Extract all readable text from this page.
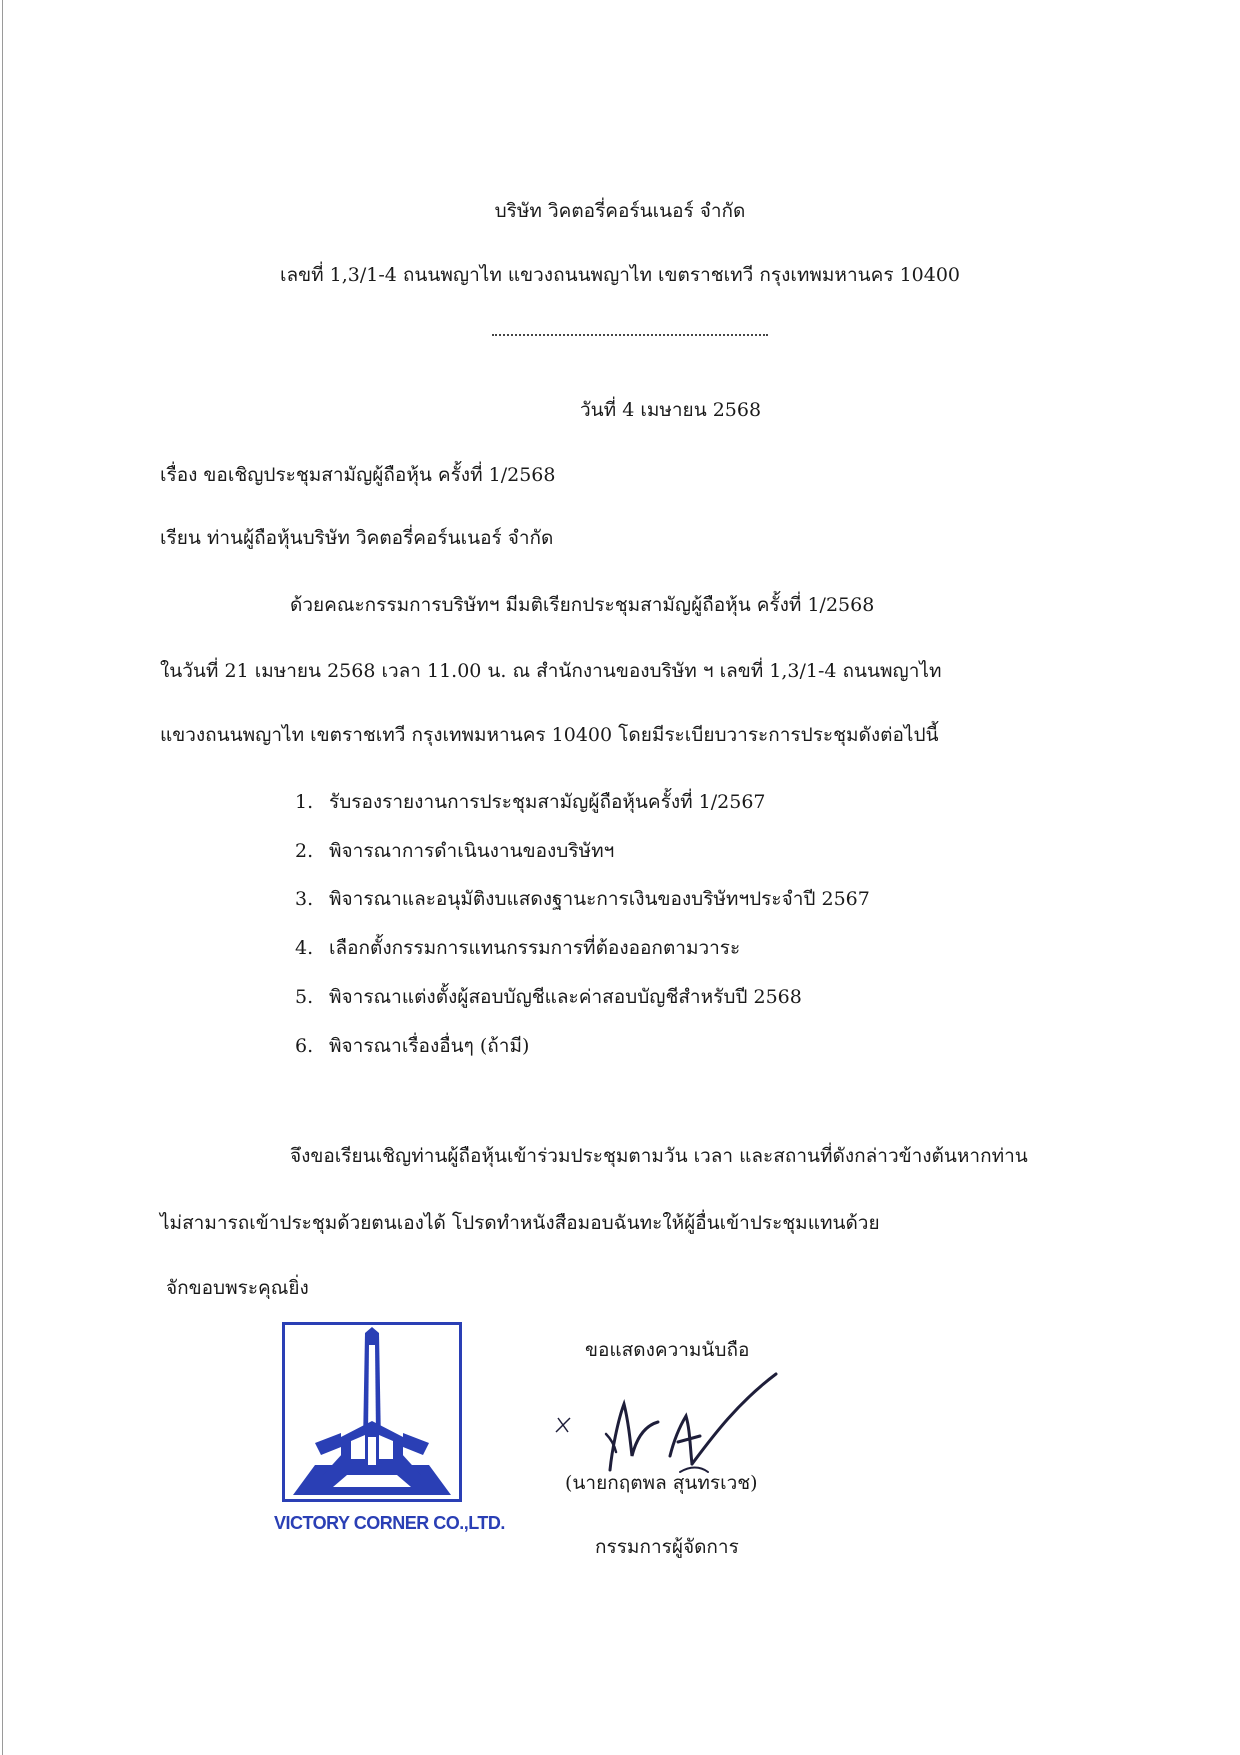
บริษัท วิคตอรี่คอร์นเนอร์ จำกัด
เลขที่ 1,3/1-4 ถนนพญาไท แขวงถนนพญาไท เขตราชเทวี กรุงเทพมหานคร 10400
วันที่ 4 เมษายน 2568
เรื่อง ขอเชิญประชุมสามัญผู้ถือหุ้น ครั้งที่ 1/2568
เรียน ท่านผู้ถือหุ้นบริษัท วิคตอรี่คอร์นเนอร์ จำกัด
ด้วยคณะกรรมการบริษัทฯ มีมติเรียกประชุมสามัญผู้ถือหุ้น ครั้งที่ 1/2568
ในวันที่ 21 เมษายน 2568 เวลา 11.00 น. ณ สำนักงานของบริษัท ฯ เลขที่ 1,3/1-4 ถนนพญาไท
แขวงถนนพญาไท เขตราชเทวี กรุงเทพมหานคร 10400 โดยมีระเบียบวาระการประชุมดังต่อไปนี้
1. รับรองรายงานการประชุมสามัญผู้ถือหุ้นครั้งที่ 1/2567
2. พิจารณาการดำเนินงานของบริษัทฯ
3. พิจารณาและอนุมัติงบแสดงฐานะการเงินของบริษัทฯประจำปี 2567
4. เลือกตั้งกรรมการแทนกรรมการที่ต้องออกตามวาระ
5. พิจารณาแต่งตั้งผู้สอบบัญชีและค่าสอบบัญชีสำหรับปี 2568
6. พิจารณาเรื่องอื่นๆ (ถ้ามี)
จึงขอเรียนเชิญท่านผู้ถือหุ้นเข้าร่วมประชุมตามวัน เวลา และสถานที่ดังกล่าวข้างต้นหากท่าน
ไม่สามารถเข้าประชุมด้วยตนเองได้ โปรดทำหนังสือมอบฉันทะให้ผู้อื่นเข้าประชุมแทนด้วย
จักขอบพระคุณยิ่ง
VICTORY CORNER CO.,LTD.
ขอแสดงความนับถือ
(นายกฤตพล สุนทรเวช)
กรรมการผู้จัดการ
